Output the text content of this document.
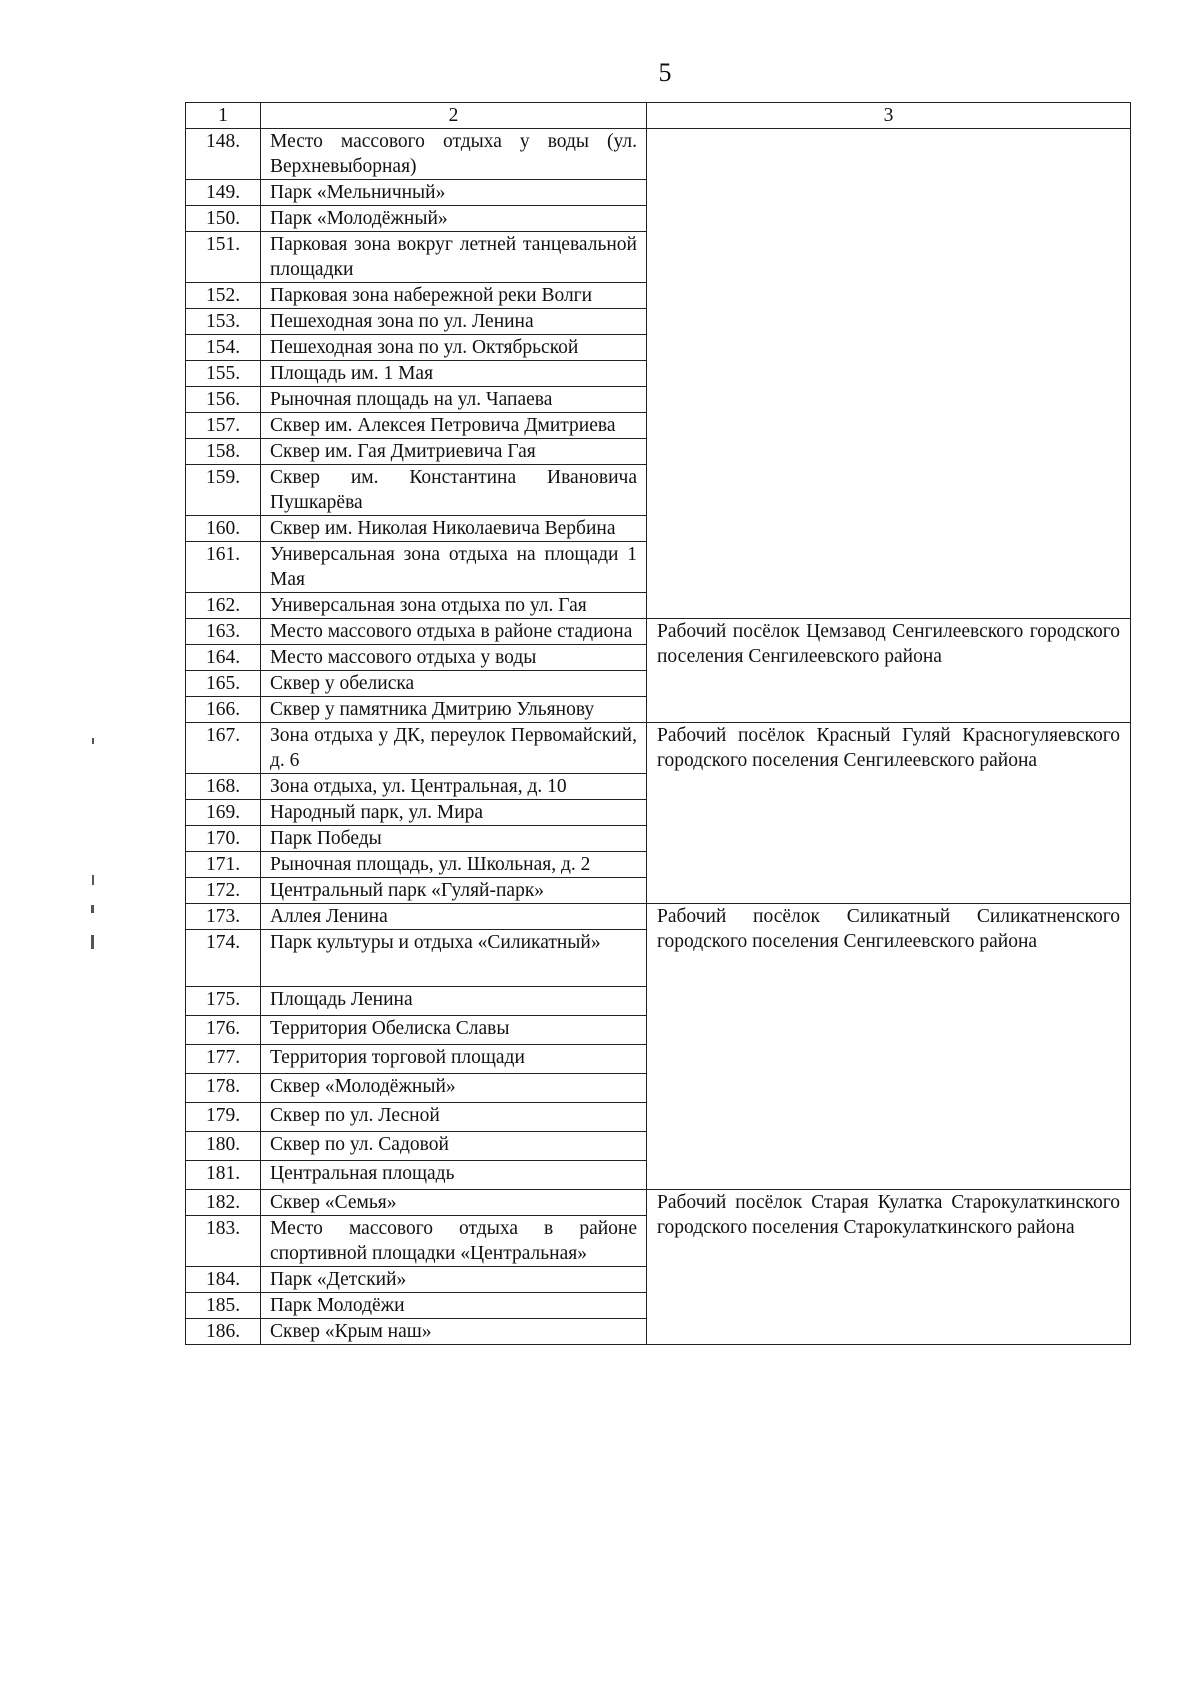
5
1	2	3
148.	Место массового отдыха у воды (ул. Верхневыборная)	
149.	Парк «Мельничный»	
150.	Парк «Молодёжный»	
151.	Парковая зона вокруг летней танцевальной площадки	
152.	Парковая зона набережной реки Волги	
153.	Пешеходная зона по ул. Ленина	
154.	Пешеходная зона по ул. Октябрьской	
155.	Площадь им. 1 Мая	
156.	Рыночная площадь на ул. Чапаева	
157.	Сквер им. Алексея Петровича Дмитриева	
158.	Сквер им. Гая Дмитриевича Гая	
159.	Сквер им. Константина Ивановича Пушкарёва	
160.	Сквер им. Николая Николаевича Вербина	
161.	Универсальная зона отдыха на площади 1 Мая	
162.	Универсальная зона отдыха по ул. Гая	
163.	Место массового отдыха в районе стадиона	Рабочий посёлок Цемзавод Сенгилеевского городского поселения Сенгилеевского района
164.	Место массового отдыха у воды	
165.	Сквер у обелиска	
166.	Сквер у памятника Дмитрию Ульянову	
167.	Зона отдыха у ДК, переулок Первомайский, д. 6	Рабочий посёлок Красный Гуляй Красногуляевского городского поселения Сенгилеевского района
168.	Зона отдыха, ул. Центральная, д. 10	
169.	Народный парк, ул. Мира	
170.	Парк Победы	
171.	Рыночная площадь, ул. Школьная, д. 2	
172.	Центральный парк «Гуляй-парк»	
173.	Аллея Ленина	Рабочий посёлок Силикатный Силикатненского городского поселения Сенгилеевского района
174.	Парк культуры и отдыха «Силикатный»	
175.	Площадь Ленина	
176.	Территория Обелиска Славы	
177.	Территория торговой площади	
178.	Сквер «Молодёжный»	
179.	Сквер по ул. Лесной	
180.	Сквер по ул. Садовой	
181.	Центральная площадь	
182.	Сквер «Семья»	Рабочий посёлок Старая Кулатка Старокулаткинского городского поселения Старокулаткинского района
183.	Место массового отдыха в районе спортивной площадки «Центральная»	
184.	Парк «Детский»	
185.	Парк Молодёжи	
186.	Сквер «Крым наш»	
